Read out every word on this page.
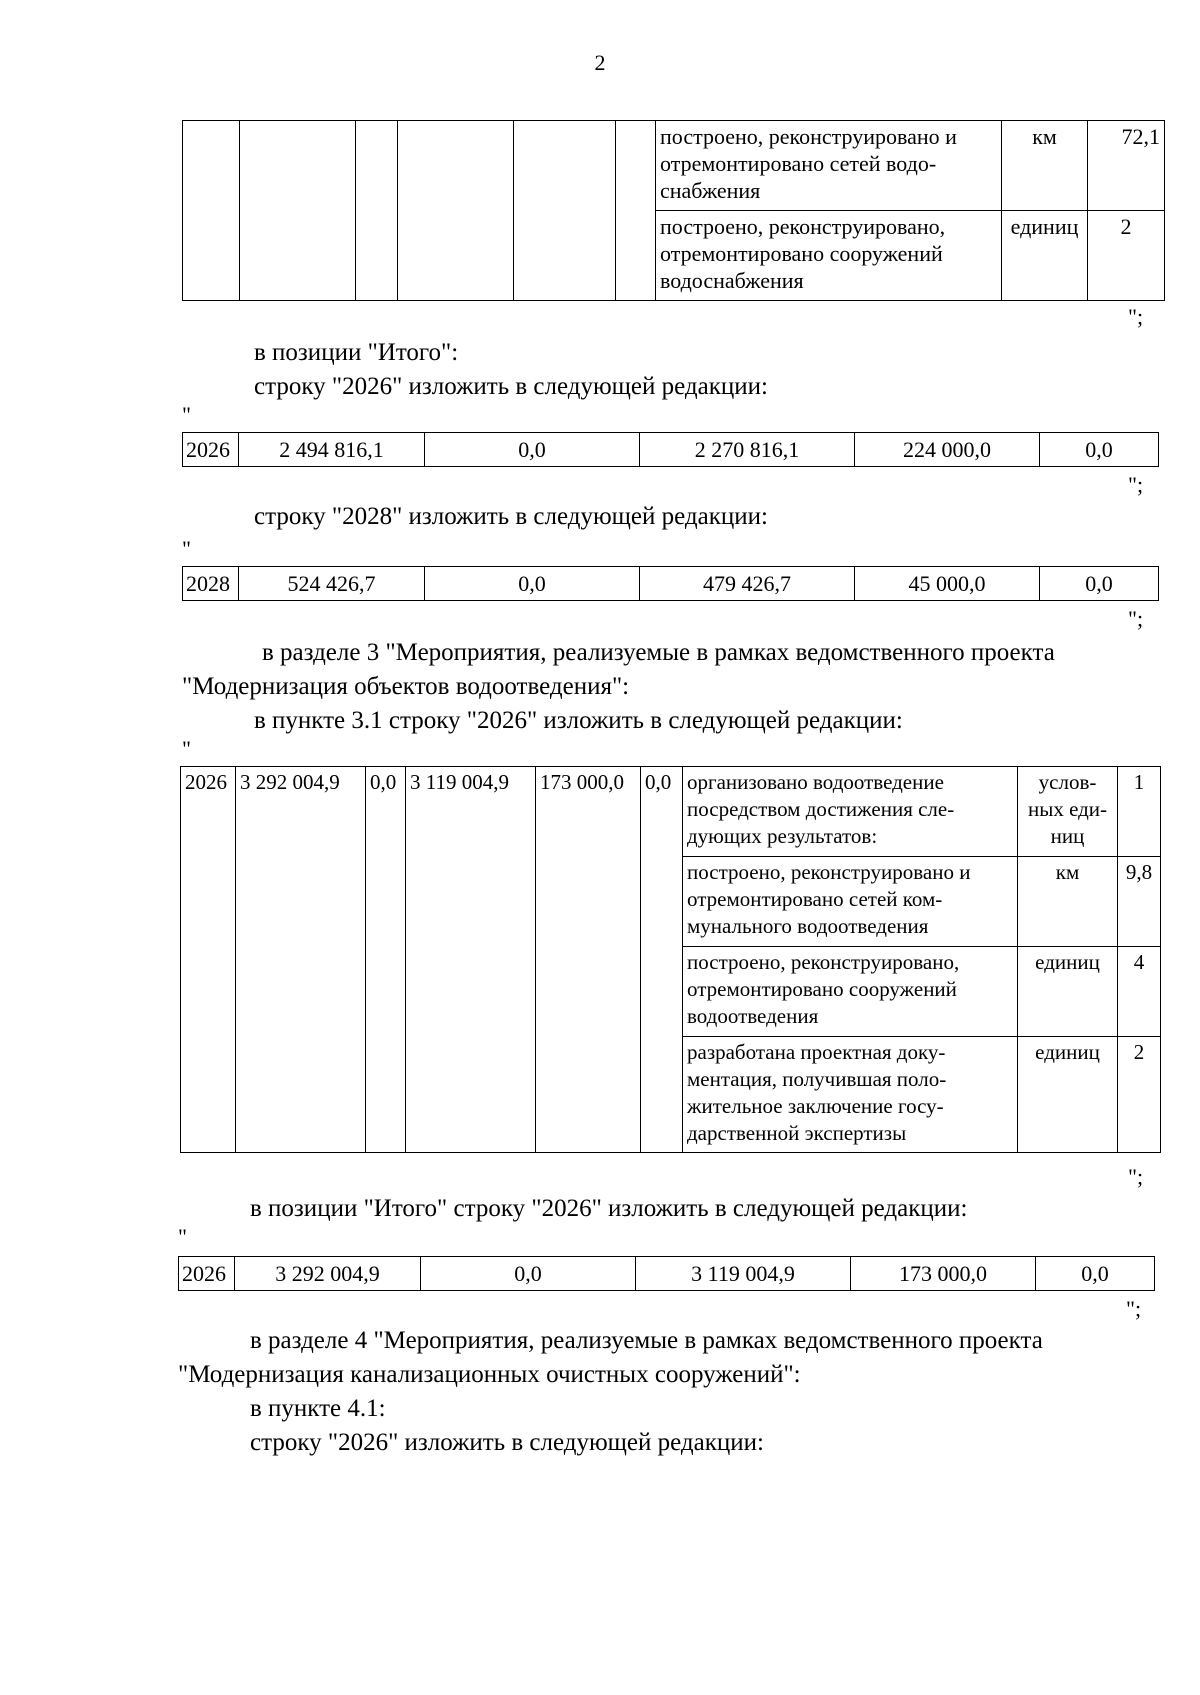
2
						построено, реконструировано и отремонтировано сетей водо-снабжения	км	72,1
						построено, реконструировано, отремонтировано сооружений водоснабжения	единиц	2
";
в позиции "Итого":
строку "2026" изложить в следующей редакции:
"
2026	2 494 816,1	0,0	2 270 816,1	224 000,0	0,0
";
строку "2028" изложить в следующей редакции:
"
2028	524 426,7	0,0	479 426,7	45 000,0	0,0
";
в разделе 3 "Мероприятия, реализуемые в рамках ведомственного проекта
"Модернизация объектов водоотведения":
в пункте 3.1 строку "2026" изложить в следующей редакции:
"
2026	3 292 004,9	0,0	3 119 004,9	173 000,0	0,0	организовано водоотведение посредством достижения сле-дующих результатов:	услов-ных еди-ниц	1
						построено, реконструировано и отремонтировано сетей ком-мунального водоотведения	км	9,8
						построено, реконструировано, отремонтировано сооружений водоотведения	единиц	4
						разработана проектная доку-ментация, получившая поло-жительное заключение госу-дарственной экспертизы	единиц	2
";
в позиции "Итого" строку "2026" изложить в следующей редакции:
"
2026	3 292 004,9	0,0	3 119 004,9	173 000,0	0,0
";
в разделе 4 "Мероприятия, реализуемые в рамках ведомственного проекта
"Модернизация канализационных очистных сооружений":
в пункте 4.1:
строку "2026" изложить в следующей редакции:
